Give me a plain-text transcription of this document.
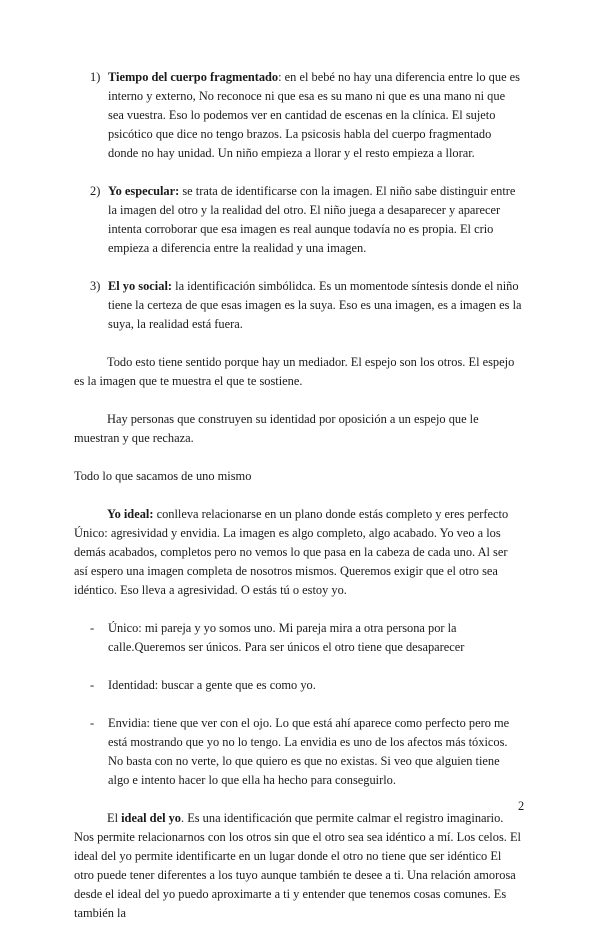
1) Tiempo del cuerpo fragmentado: en el bebé no hay una diferencia entre lo que es interno y externo, No reconoce ni que esa es su mano ni que es una mano ni que sea vuestra. Eso lo podemos ver en cantidad de escenas en la clínica. El sujeto psicótico que dice no tengo brazos. La psicosis habla del cuerpo fragmentado donde no hay unidad. Un niño empieza a llorar y el resto empieza a llorar.

2) Yo especular: se trata de identificarse con la imagen. El niño sabe distinguir entre la imagen del otro y la realidad del otro. El niño juega a desaparecer y aparecer intenta corroborar que esa imagen es real aunque todavía no es propia. El crio empieza a diferencia entre la realidad y una imagen.

3) El yo social: la identificación simbólidca. Es un momentode síntesis donde el niño tiene la certeza de que esas imagen es la suya. Eso es una imagen, es a imagen es la suya, la realidad está fuera.

Todo esto tiene sentido porque hay un mediador. El espejo son los otros. El espejo es la imagen que te muestra el que te sostiene.

Hay personas que construyen su identidad por oposición a un espejo que le muestran y que rechaza.

Todo lo que sacamos de uno mismo

Yo ideal: conlleva relacionarse en un plano donde estás completo y eres perfecto Único: agresividad y envidia. La imagen es algo completo, algo acabado. Yo veo a los demás acabados, completos pero no vemos lo que pasa en la cabeza de cada uno. Al ser así espero una imagen completa de nosotros mismos. Queremos exigir que el otro sea idéntico. Eso lleva a agresividad. O estás tú o estoy yo.

- Único: mi pareja y yo somos uno. Mi pareja mira a otra persona por la
calle.Queremos ser únicos. Para ser únicos el otro tiene que desaparecer

- Identidad: buscar a gente que es como yo.

- Envidia: tiene que ver con el ojo. Lo que está ahí aparece como perfecto pero me está mostrando que yo no lo tengo. La envidia es uno de los afectos más tóxicos. No basta con no verte, lo que quiero es que no existas. Si veo que alguien tiene algo e intento hacer lo que ella ha hecho para conseguirlo.

El ideal del yo. Es una identificación que permite calmar el registro imaginario. Nos permite relacionarnos con los otros sin que el otro sea sea idéntico a mí. Los celos. El ideal del yo permite identificarte en un lugar donde el otro no tiene que ser idéntico El otro puede tener diferentes a los tuyo aunque también te desee a ti. Una relación amorosa desde el ideal del yo puedo aproximarte a ti y entender que tenemos cosas comunes. Es también la

2
